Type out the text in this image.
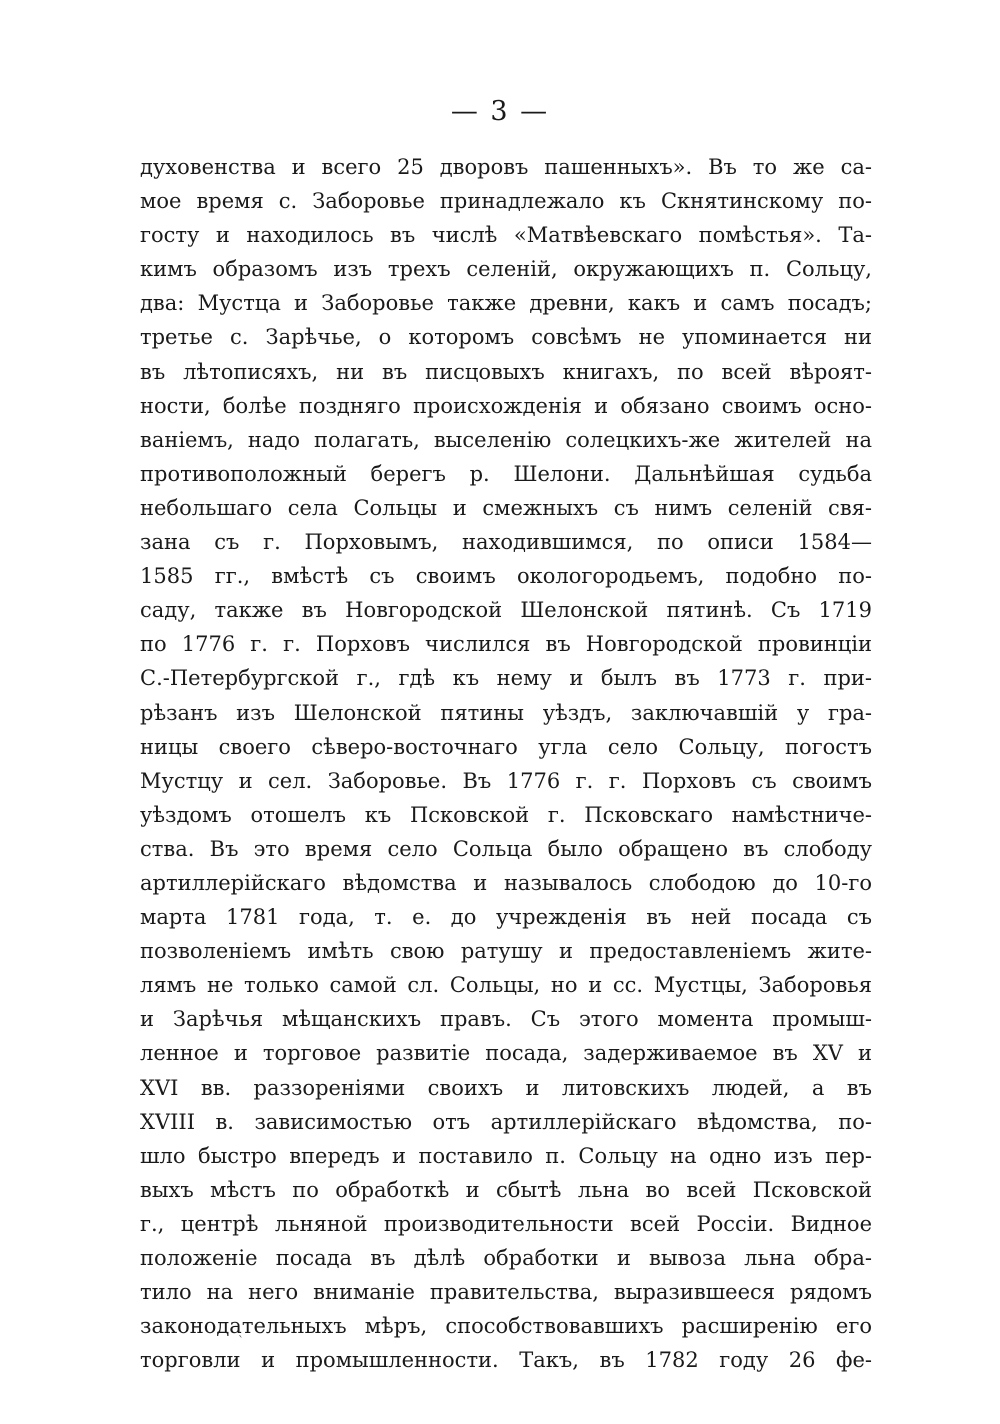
— 3 —
духовенства и всего 25 дворовъ пашенныхъ». Въ то же са-
мое время с. Заборовье принадлежало къ Скнятинскому по-
госту и находилось въ числѣ «Матвѣевскаго помѣстья». Та-
кимъ образомъ изъ трехъ селенiй, окружающихъ п. Сольцу,
два: Мустца и Заборовье также древни, какъ и самъ посадъ;
третье с. Зарѣчье, о которомъ совсѣмъ не упоминается ни
въ лѣтописяхъ, ни въ писцовыхъ книгахъ, по всей вѣроят-
ности, болѣе поздняго происхожденiя и обязано своимъ осно-
ванiемъ, надо полагать, выселенiю солецкихъ-же жителей на
противоположный берегъ р. Шелони. Дальнѣйшая судьба
небольшаго села Сольцы и смежныхъ съ нимъ селенiй свя-
зана съ г. Порховымъ, находившимся, по описи 1584—
1585 гг., вмѣстѣ съ своимъ окологородьемъ, подобно по-
саду, также въ Новгородской Шелонской пятинѣ. Съ 1719
по 1776 г. г. Порховъ числился въ Новгородской провинцiи
С.-Петербургской г., гдѣ къ нему и былъ въ 1773 г. при-
рѣзанъ изъ Шелонской пятины уѣздъ, заключавшiй у гра-
ницы своего сѣверо-восточнаго угла село Сольцу, погостъ
Мустцу и сел. Заборовье. Въ 1776 г. г. Порховъ съ своимъ
уѣздомъ отошелъ къ Псковской г. Псковскаго намѣстниче-
ства. Въ это время село Сольца было обращено въ слободу
артиллерiйскаго вѣдомства и называлось слободою до 10-го
марта 1781 года, т. е. до учрежденiя въ ней посада съ
позволенiемъ имѣть свою ратушу и предоставленiемъ жите-
лямъ не только самой сл. Сольцы, но и сс. Мустцы, Заборовья
и Зарѣчья мѣщанскихъ правъ. Съ этого момента промыш-
ленное и торговое развитiе посада, задерживаемое въ XV и
XVI вв. раззоренiями своихъ и литовскихъ людей, а въ
XVIII в. зависимостью отъ артиллерiйскаго вѣдомства, по-
шло быстро впередъ и поставило п. Сольцу на одно изъ пер-
выхъ мѣстъ по обработкѣ и сбытѣ льна во всей Псковской
г., центрѣ льняной производительности всей Россiи. Видное
положенiе посада въ дѣлѣ обработки и вывоза льна обра-
тило на него вниманiе правительства, выразившееся рядомъ
законодательныхъ мѣръ, способствовавшихъ расширенiю его
торговли и промышленности. Такъ, въ 1782 году 26 фе-
ˋ
